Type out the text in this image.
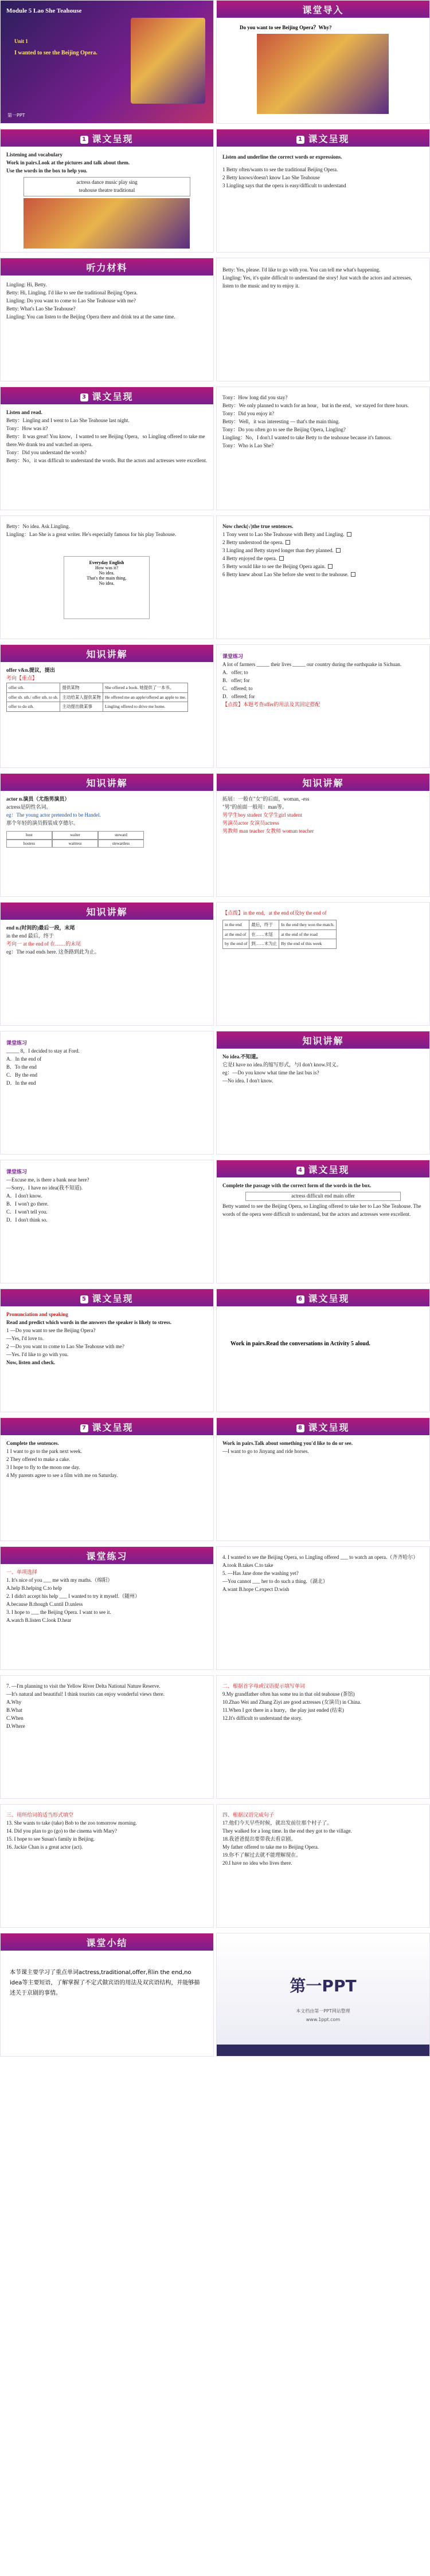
Module 5 Lao She Teahouse
Unit 1
I wanted to see the Beijing Opera.
第一PPT
课堂导入
Do you want to see Beijing Opera？Why?
1 课文呈现
Listening and vocabulary
Work in pairs.Look at the pictures and talk about them.
Use the words in the box to help you.
actress dance music play sing
teahouse theatre traditional
1 课文呈现
Listen and underline the correct words or expressions.
1 Betty often/wants to see the traditional Beijing Opera.
2 Betty knows/doesn't know Lao She Teahouse
3 Lingling says that the opera is easy/difficult to understand
听力材料
Lingling: Hi, Betty.
Betty: Hi, Lingling. I'd like to see the traditional Beijing Opera.
Lingling: Do you want to come to Lao She Teahouse with me?
Betty: What's Lao She Teahouse?
Lingling: You can listen to the Beijing Opera there and drink tea at the same time.
Betty: Yes, please. I'd like to go with you. You can tell me what's happening.
Lingling: Yes, it's quite difficult to understand the story! Just watch the actors and actresses, listen to the music and try to enjoy it.
3 课文呈现
Listen and read.
Betty：Lingling and I went to Lao She Teahouse last night.
Tony：How was it?
Betty：It was great! You know，I wanted to see Beijing Opera，so Lingling offered to take me there.We drank tea and watched an opera.
Tony：Did you understand the words?
Betty：No，it was difficult to understand the words. But the actors and actresses were excellent.
Tony：How long did you stay?
Betty：We only planned to watch for an hour，but in the end，we stayed for three hours.
Tony：Did you enjoy it?
Betty：Well，it was interesting — that's the main thing.
Tony：Do you often go to see the Beijing Opera, Lingling?
Lingling：No，I don't.I wanted to take Betty to the teahouse because it's famous.
Tony：Who is Lao She?
Betty：No idea. Ask Lingling.
Lingling：Lao She is a great writer. He's especially famous for his play Teahouse.
Everyday English
How was it?
No idea.
That's the main thing.
No idea.
Now check(√)the true sentences.
1 Tony went to Lao She Teahouse with Betty and Lingling.
2 Betty understood the opera.
3 Lingling and Betty stayed longer than they planned.
4 Betty enjoyed the opera.
5 Betty would like to see the Beijing Opera again.
6 Betty knew about Lao She before she went to the teahouse.
知识讲解
offer v&n.提议，提出
考向【重点】
offer sth.	提供某物	She offered a book. 她提供了一本书。
offer sb. sth./ offer sth. to sb.	主动给某人提供某物	He offered me an apple/offered an apple to me.
offer to do sth.	主动提出做某事	Lingling offered to drive me home.
课堂练习
A lot of farmers _____ their lives _____ our country during the earthquake in Sichuan.
A．offer; to
B．offer; for
C．offered; to
D．offered; for
【点拨】本题考查offer的用法及其固定搭配
知识讲解
actor n.演员（尤指男演员）
actress是阴性名词。
eg：The young actor pretended to be Handel.
那个年轻的演员假装成亨德尔。
host	waiter	steward
hostess	waitress	stewardess
知识讲解
拓展：一般在"女"的后面，woman, -ess
"男"的前面一般用：man等。
男学生boy student 女学生girl student
男演员actor 女演员actress
男教师 man teacher 女教师 woman teacher
知识讲解
end n.(时间的)最后一段，末尾
in the end 最后，终于
考向一 at the end of 在……的末尾
eg：The road ends here. 这条路到此为止。
【点拨】in the end，at the end of及by the end of
in the end	最后，终于	In the end they won the match.
at the end of	在……末尾	at the end of the road
by the end of	到……末为止	By the end of this week
课堂练习
_____ 8，I decided to stay at Ford.
A．In the end of
B．To the end
C．By the end
D．In the end
知识讲解
No idea.不知道。
它是I have no idea.的缩写形式，与I don't know.同义。
eg：—Do you know what time the last bus is?
—No idea. I don't know.
课堂练习
—Excuse me, is there a bank near here?
—Sorry，I have no idea(我不知道).
A．I don't know.
B．I won't go there.
C．I won't tell you.
D．I don't think so.
4 课文呈现
Complete the passage with the correct form of the words in the box.
actress difficult end main offer
Betty wanted to see the Beijing Opera, so Lingling offered to take her to Lao She Teahouse. The words of the opera were difficult to understand, but the actors and actresses were excellent.
5 课文呈现
Pronunciation and speaking
Read and predict which words in the answers the speaker is likely to stress.
1 —Do you want to see the Beijing Opera?
—Yes, I'd love to.
2 —Do you want to come to Lao She Teahouse with me?
—Yes. I'd like to go with you.
Now, listen and check.
6 课文呈现
Work in pairs.Read the conversations in Activity 5 aloud.
7 课文呈现
Complete the sentences.
1 I want to go to the park next week.
2 They offered to make a cake.
3 I hope to fly to the moon one day.
4 My parents agree to see a film with me on Saturday.
8 课文呈现
Work in pairs.Talk about something you'd like to do or see.
—I want to go to Jinyang and ride horses.
课堂练习
一、单项选择
1. It's nice of you ___ me with my maths.（绵阳）
A.help B.helping C.to help
2. I didn't accept his help ___ I wanted to try it myself.（随州）
A.because B.though C.until D.unless
3. I hope to ___ the Beijing Opera. I want to see it.
A.watch B.listen C.look D.hear
4. I wanted to see the Beijing Opera, so Lingling offered ___ to watch an opera.（齐齐哈尔）
A.took B.takes C.to take
5. —Has Jane done the washing yet?
—You cannot ___ her to do such a thing.（湖北）
A.want B.hope C.expect D.wish
7. —I'm planning to visit the Yellow River Delta National Nature Reserve.
—It's natural and beautiful! I think tourists can enjoy wonderful views there.
A.Why
B.What
C.When
D.Where
二、根据首字母或汉语提示填写单词
9.My grandfather often has some tea in that old teahouse (茶馆)
10.Zhao Wei and Zhang Ziyi are good actresses (女演员) in China.
11.When I got there in a hurry，the play just ended (结束)
12.It's difficult to understand the story.
三、用所给词的适当形式填空
13. She wants to take (take) Bob to the zoo tomorrow morning.
14. Did you plan to go (go) to the cinema with Mary?
15. I hope to see Susan's family in Beijing.
16. Jackie Chan is a great actor (act).
四、根据汉语完成句子
17.他们今天早些时候，就出发前往那个村子了。
They walked for a long time. In the end they got to the village.
18.我爸爸提出要带我去看京剧。
My father offered to take me to Beijing Opera.
19.你不了解过去就不能理解现在。
20.I have no idea who lives there.
课堂小结
本节课主要学习了重点单词actress,traditional,offer,和in the end,no idea等主要短语，了解掌握了不定式做宾语的用法及双宾语结构，并能够描述关于京剧的事情。	第一PPT
本文档由第一PPT网站整理
www.1ppt.com
